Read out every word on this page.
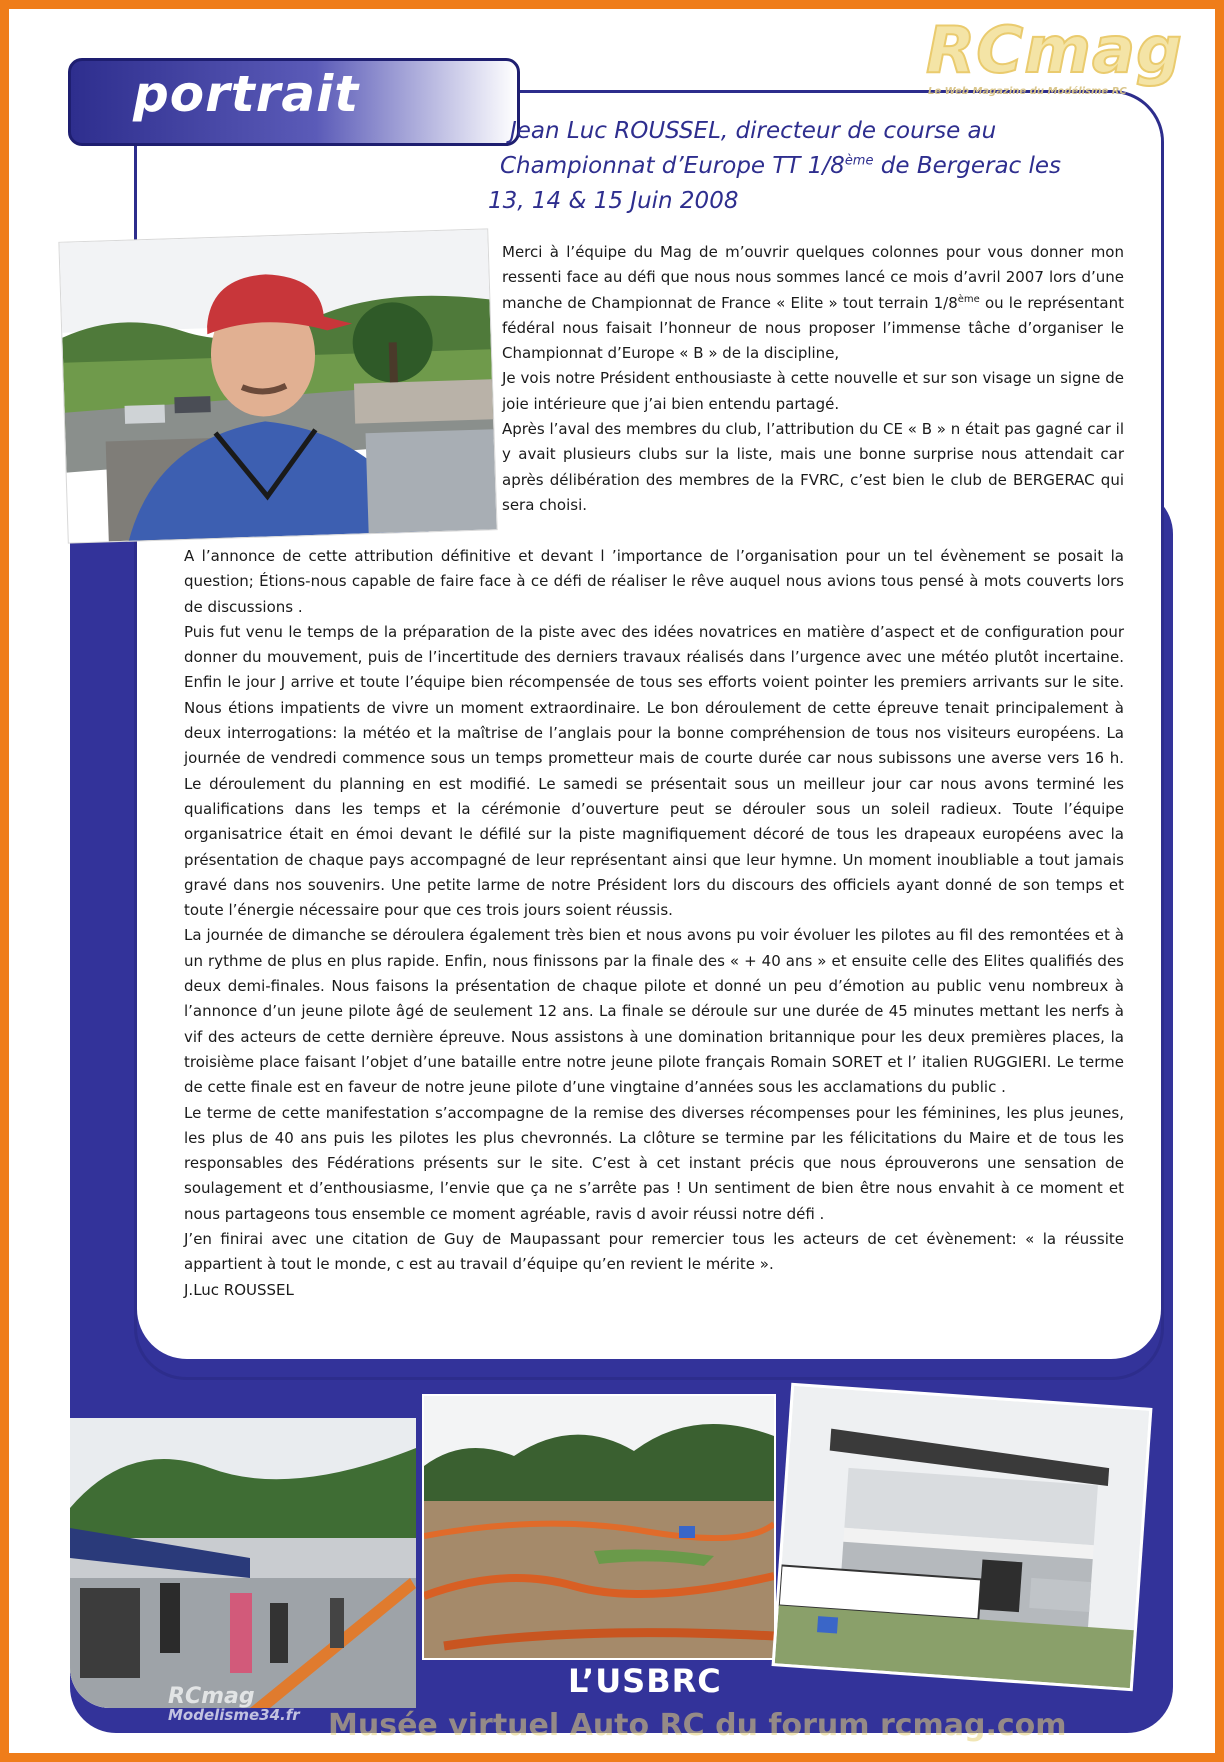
portrait
RCmag
Le Web Magazine du Modélisme RC
Jean Luc ROUSSEL, directeur de course au
Championnat d’Europe TT 1/8ème de Bergerac les
13, 14 & 15 Juin 2008

Merci à l’équipe du Mag de m’ouvrir quelques colonnes pour vous donner mon ressenti face au défi que nous nous sommes lancé ce mois d’avril 2007 lors d’une manche de Championnat de France « Elite » tout terrain 1/8ème ou le représentant fédéral nous faisait l’honneur de nous proposer l’immense tâche d’organiser le Championnat d’Europe « B » de la discipline,

Je vois notre Président enthousiaste à cette nouvelle et sur son visage un signe de joie intérieure que j’ai bien entendu partagé.

Après l’aval des membres du club, l’attribution du CE « B » n était pas gagné car il y avait plusieurs clubs sur la liste, mais une bonne surprise nous attendait car après délibération des membres de la FVRC, c’est bien le club de BERGERAC qui sera choisi.

A l’annonce de cette attribution définitive et devant l ’importance de l’organisation pour un tel évènement se posait la question; Étions-nous capable de faire face à ce défi de réaliser le rêve auquel nous avions tous pensé à mots couverts lors de discussions .

Puis fut venu le temps de la préparation de la piste avec des idées novatrices en matière d’aspect et de configuration pour donner du mouvement, puis de l’incertitude des derniers travaux réalisés dans l’urgence avec une météo plutôt incertaine. Enfin le jour J arrive et toute l’équipe bien récompensée de tous ses efforts voient pointer les premiers arrivants sur le site. Nous étions impatients de vivre un moment extraordinaire. Le bon déroulement de cette épreuve tenait principalement à deux interrogations: la météo et la maîtrise de l’anglais pour la bonne compréhension de tous nos visiteurs européens. La journée de vendredi commence sous un temps prometteur mais de courte durée car nous subissons une averse vers 16 h. Le déroulement du planning en est modifié. Le samedi se présentait sous un meilleur jour car nous avons terminé les qualifications dans les temps et la cérémonie d’ouverture peut se dérouler sous un soleil radieux. Toute l’équipe organisatrice était en émoi devant le défilé sur la piste magnifiquement décoré de tous les drapeaux européens avec la présentation de chaque pays accompagné de leur représentant ainsi que leur hymne. Un moment inoubliable a tout jamais gravé dans nos souvenirs. Une petite larme de notre Président lors du discours des officiels ayant donné de son temps et toute l’énergie nécessaire pour que ces trois jours soient réussis.

La journée de dimanche se déroulera également très bien et nous avons pu voir évoluer les pilotes au fil des remontées et à un rythme de plus en plus rapide. Enfin, nous finissons par la finale des « + 40 ans » et ensuite celle des Elites qualifiés des deux demi-finales. Nous faisons la présentation de chaque pilote et donné un peu d’émotion au public venu nombreux à l’annonce d’un jeune pilote âgé de seulement 12 ans. La finale se déroule sur une durée de 45 minutes mettant les nerfs à vif des acteurs de cette dernière épreuve. Nous assistons à une domination britannique pour les deux premières places, la troisième place faisant l’objet d’une bataille entre notre jeune pilote français Romain SORET et l’ italien RUGGIERI. Le terme de cette finale est en faveur de notre jeune pilote d’une vingtaine d’années sous les acclamations du public .

Le terme de cette manifestation s’accompagne de la remise des diverses récompenses pour les féminines, les plus jeunes, les plus de 40 ans puis les pilotes les plus chevronnés. La clôture se termine par les félicitations du Maire et de tous les responsables des Fédérations présents sur le site. C’est à cet instant précis que nous éprouverons une sensation de soulagement et d’enthousiasme, l’envie que ça ne s’arrête pas ! Un sentiment de bien être nous envahit à ce moment et nous partageons tous ensemble ce moment agréable, ravis d avoir réussi notre défi .

J’en finirai avec une citation de Guy de Maupassant pour remercier tous les acteurs de cet évènement: « la réussite appartient à tout le monde, c est au travail d’équipe qu’en revient le mérite ».

J.Luc ROUSSEL

L’USBRC
RCmag
Modelisme34.fr Musée virtuel Auto RC du forum rcmag.com
